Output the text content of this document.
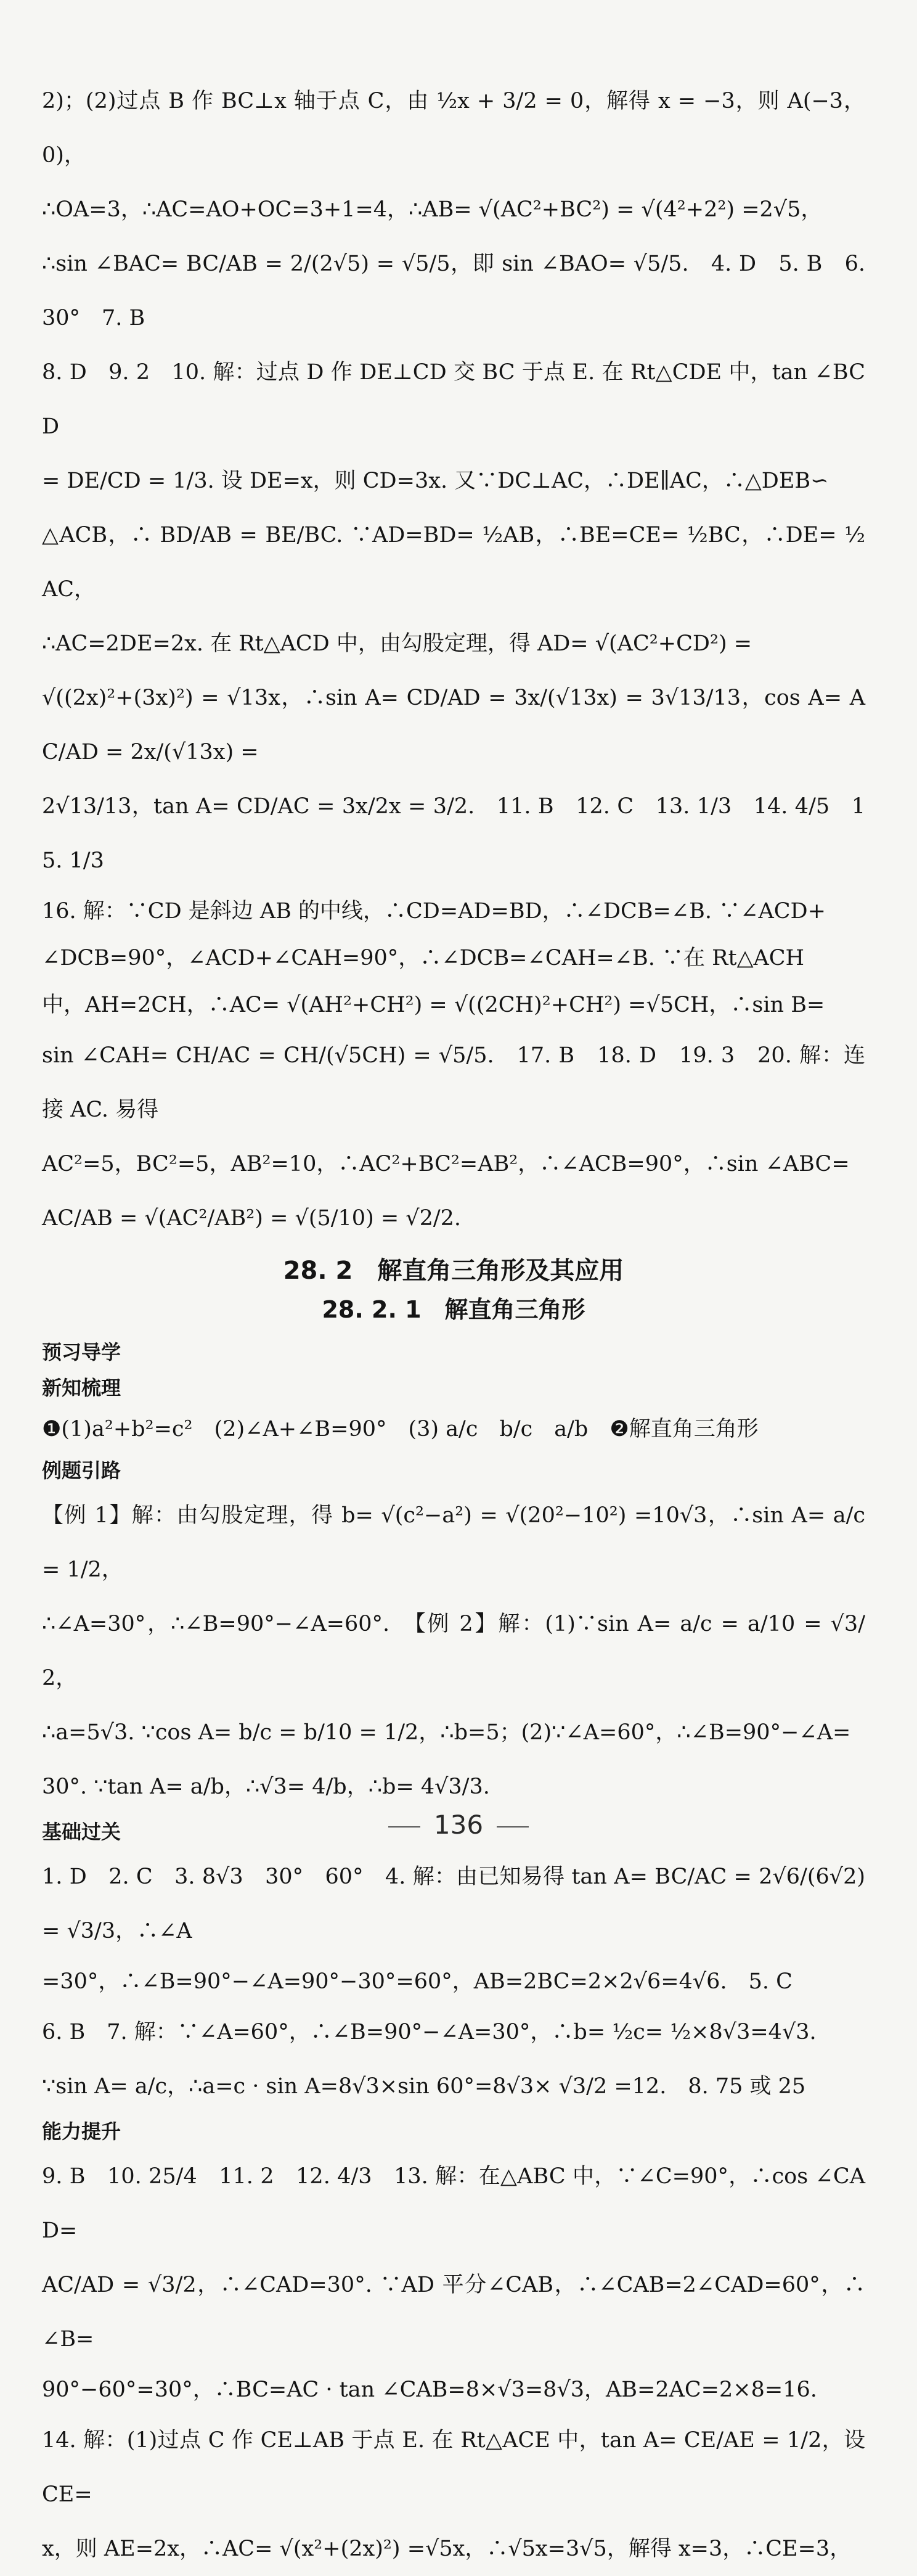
2)；(2)过点 B 作 BC⊥x 轴于点 C，由 ½x + 3/2 = 0，解得 x = −3，则 A(−3，0)，

∴OA=3，∴AC=AO+OC=3+1=4，∴AB= √(AC²+BC²) = √(4²+2²) =2√5，

∴sin ∠BAC= BC/AB = 2/(2√5) = √5/5，即 sin ∠BAO= √5/5.　4. D　5. B　6. 30°　7. B

8. D　9. 2　10. 解：过点 D 作 DE⊥CD 交 BC 于点 E. 在 Rt△CDE 中，tan ∠BCD

= DE/CD = 1/3. 设 DE=x，则 CD=3x. 又∵DC⊥AC，∴DE∥AC，∴△DEB∽

△ACB，∴ BD/AB = BE/BC. ∵AD=BD= ½AB，∴BE=CE= ½BC，∴DE= ½AC，

∴AC=2DE=2x. 在 Rt△ACD 中，由勾股定理，得 AD= √(AC²+CD²) =

√((2x)²+(3x)²) = √13x，∴sin A= CD/AD = 3x/(√13x) = 3√13/13，cos A= AC/AD = 2x/(√13x) =

2√13/13，tan A= CD/AC = 3x/2x = 3/2.　11. B　12. C　13. 1/3　14. 4/5　15. 1/3

16. 解：∵CD 是斜边 AB 的中线，∴CD=AD=BD，∴∠DCB=∠B. ∵∠ACD+

∠DCB=90°，∠ACD+∠CAH=90°，∴∠DCB=∠CAH=∠B. ∵在 Rt△ACH

中，AH=2CH，∴AC= √(AH²+CH²) = √((2CH)²+CH²) =√5CH，∴sin B=

sin ∠CAH= CH/AC = CH/(√5CH) = √5/5.　17. B　18. D　19. 3　20. 解：连接 AC. 易得

AC²=5，BC²=5，AB²=10，∴AC²+BC²=AB²，∴∠ACB=90°，∴sin ∠ABC=

AC/AB = √(AC²/AB²) = √(5/10) = √2/2.

28. 2　解直角三角形及其应用
28. 2. 1　解直角三角形
预习导学
新知梳理

❶(1)a²+b²=c²　(2)∠A+∠B=90°　(3) a/c　b/c　a/b　❷解直角三角形

例题引路

【例 1】解：由勾股定理，得 b= √(c²−a²) = √(20²−10²) =10√3，∴sin A= a/c = 1/2，

∴∠A=30°，∴∠B=90°−∠A=60°.　【例 2】解：(1)∵sin A= a/c = a/10 = √3/2，

∴a=5√3. ∵cos A= b/c = b/10 = 1/2，∴b=5；(2)∵∠A=60°，∴∠B=90°−∠A=

30°. ∵tan A= a/b，∴√3= 4/b，∴b= 4√3/3.

基础过关

1. D　2. C　3. 8√3　30°　60°　4. 解：由已知易得 tan A= BC/AC = 2√6/(6√2) = √3/3，∴∠A

=30°，∴∠B=90°−∠A=90°−30°=60°，AB=2BC=2×2√6=4√6.　5. C

6. B　7. 解：∵∠A=60°，∴∠B=90°−∠A=30°，∴b= ½c= ½×8√3=4√3.

∵sin A= a/c，∴a=c · sin A=8√3×sin 60°=8√3× √3/2 =12.　8. 75 或 25

能力提升

9. B　10. 25/4　11. 2　12. 4/3　13. 解：在△ABC 中，∵∠C=90°，∴cos ∠CAD=

AC/AD = √3/2，∴∠CAD=30°. ∵AD 平分∠CAB，∴∠CAB=2∠CAD=60°，∴∠B=

90°−60°=30°，∴BC=AC · tan ∠CAB=8×√3=8√3，AB=2AC=2×8=16.

14. 解：(1)过点 C 作 CE⊥AB 于点 E. 在 Rt△ACE 中，tan A= CE/AE = 1/2，设 CE=

x，则 AE=2x，∴AC= √(x²+(2x)²) =√5x，∴√5x=3√5，解得 x=3，∴CE=3，

136
